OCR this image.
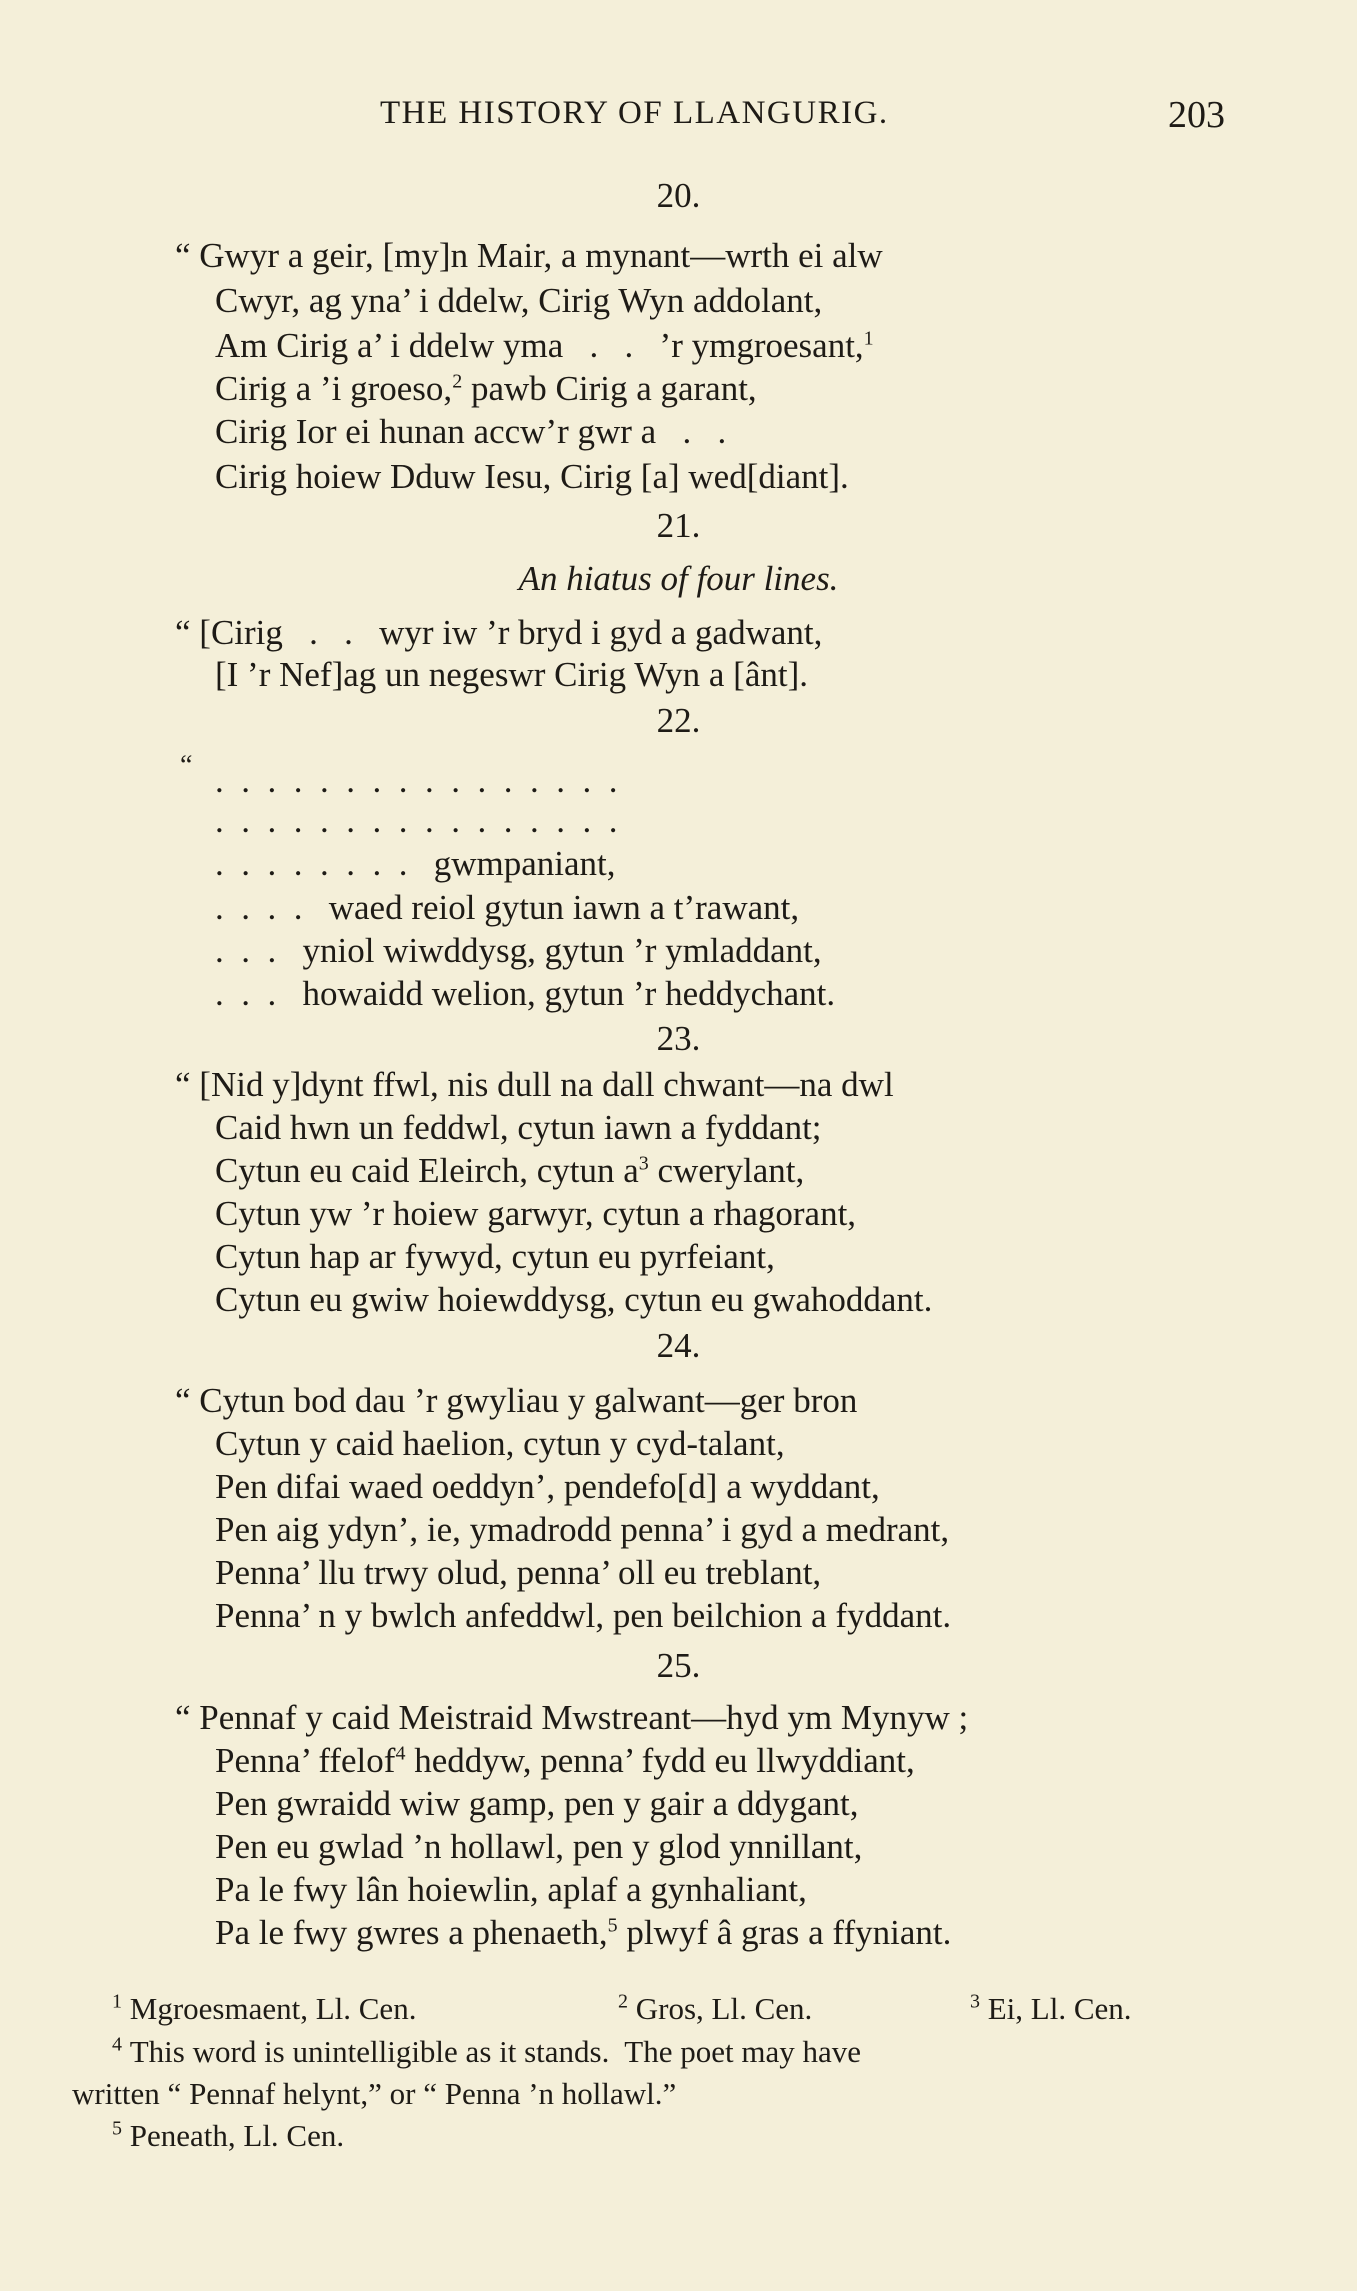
THE HISTORY OF LLANGURIG.	203
20.
“ Gwyr a geir, [my]n Mair, a mynant—wrth ei alw
Cwyr, ag yna’ i ddelw, Cirig Wyn addolant,
Am Cirig a’ i ddelw yma   .   .   ’r ymgroesant,$^1$
Cirig a ’i groeso,$^2$ pawb Cirig a garant,
Cirig Ior ei hunan accw’r gwr a   .   .
Cirig hoiew Dduw Iesu, Cirig [a] wed[diant].
21.
An hiatus of four lines.
“ [Cirig   .   .   wyr iw ’r bryd i gyd a gadwant,
[I ’r Nef]ag un negeswr Cirig Wyn a [ânt].
22.
“ .  .  .  .  .  .  .  .  .  .  .  .  .  .  .  .
.  .  .  .  .  .  .  .  .  .  .  .  .  .  .  .
.  .  .  .  .  .  .  .   gwmpaniant,
.  .  .  .   waed reiol gytun iawn a t’rawant,
.  .  .   yniol wiwddysg, gytun ’r ymladdant,
.  .  .   howaidd welion, gytun ’r heddychant.
23.
“ [Nid y]dynt ffwl, nis dull na dall chwant—na dwl
Caid hwn un feddwl, cytun iawn a fyddant;
Cytun eu caid Eleirch, cytun $a^3$ cwerylant,
Cytun yw ’r hoiew garwyr, cytun a rhagorant,
Cytun hap ar fywyd, cytun eu pyrfeiant,
Cytun eu gwiw hoiewddysg, cytun eu gwahoddant.
24.
“ Cytun bod dau ’r gwyliau y galwant—ger bron
Cytun y caid haelion, cytun y cyd-talant,
Pen difai waed oeddyn’, pendefo[d] a wyddant,
Pen aig ydyn’, ie, ymadrodd penna’ i gyd a medrant,
Penna’ llu trwy olud, penna’ oll eu treblant,
Penna’ n y bwlch anfeddwl, pen beilchion a fyddant.
25.
“ Pennaf y caid Meistraid Mwstreant—hyd ym Mynyw ;
Penna’ ffelof$^4$ heddyw, penna’ fydd eu llwyddiant,
Pen gwraidd wiw gamp, pen y gair a ddygant,
Pen eu gwlad ’n hollawl, pen y glod ynnillant,
Pa le fwy lân hoiewlin, aplaf a gynhaliant,
Pa le fwy gwres a phenaeth,$^5$ plwyf â gras a ffyniant.

$^1$ Mgroesmaent, Ll. Cen.

	$^2$ Gros, Ll. Cen.

	$^3$ Ei, Ll. Cen.

$^4$ This word is unintelligible as it stands.  The poet may have

written “ Pennaf helynt,” or “ Penna ’n hollawl.”

$^5$ Peneath, Ll. Cen.
